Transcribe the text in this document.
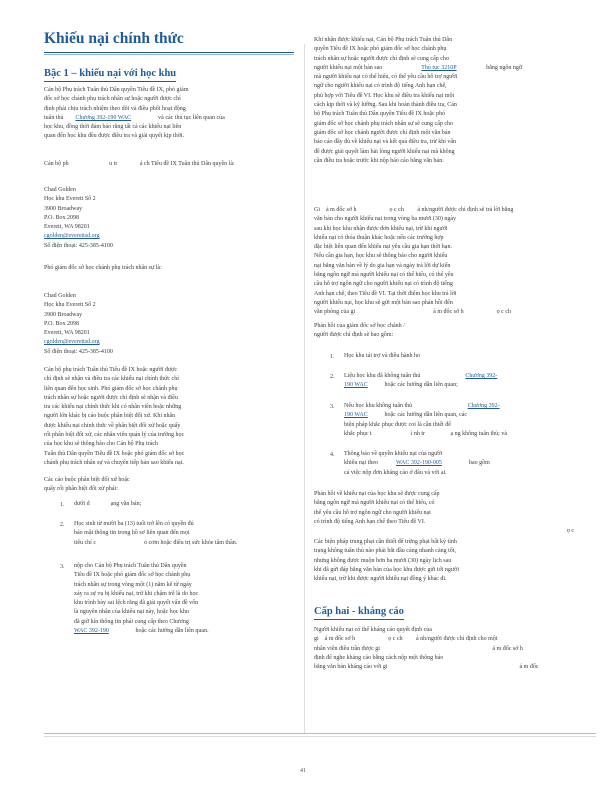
Khiếu nại chính thức
Bậc 1 – khiếu nại với học khu
Cán bộ Phụ trách Tuân thủ Dân quyền Tiêu đề IX, phó giám
đốc sở học chánh phụ trách nhân sự hoặc người được chỉ
định phải chịu trách nhiệm theo dõi và điều phối hoạt động
tuân thủ Chương 392-190 WAC	và các thủ tục liên quan của
học khu, đồng thời đảm bảo rằng tất cả các khiếu nại liên
quan đến học khu đều được điều tra và giải quyết kịp thời.
Cán bộ ph	u tr	á ch Tiêu đề IX Tuân thủ Dân quyền là:
Chad Golden
Học khu Everett Số 2
3900 Broadway
P.O. Box 2098
Everett, WA 98201
cgolden@everettsd.org
Số điện thoại: 425-385-4100
Phó giám đốc sở học chánh phụ trách nhân sự là:
Chad Golden
Học khu Everett Số 2
3900 Broadway
P.O. Box 2098
Everett, WA 98201
cgolden@everettsd.org
Số điện thoại: 425-385-4100
Cán bộ phụ trách Tuân thủ Tiêu đề IX hoặc người được
chỉ định sẽ nhận và điều tra các khiếu nại chính thức chỉ
liên quan đến học sinh. Phó giám đốc sở học chánh phụ
trách nhân sự hoặc người được chỉ định sẽ nhận và điều
tra các khiếu nại chính thức khi có nhân viên hoặc những
người lớn khác bị cáo buộc phân biệt đối xử. Khi nhân
được khiếu nại chính thức về phân biệt đối xử hoặc quấy
rối phân biệt đối xử, các nhân viên quản lý của trường học
của học khu sẽ thông báo cho Cán bộ Phụ trách
Tuân thủ Dân quyền Tiêu đề IX hoặc phó giám đốc sở học
chánh phụ trách nhân sự và chuyển tiếp bản sao khiếu nại.
Các cáo buộc phân biệt đối xử hoặc
quấy rối phân biệt đối xử phải:
1. dưới d	ạng văn bản;
2. Học sinh từ mười ba (13) tuổi trở lên có quyền đủ
báo mật thông tin trong hồ sơ liên quan đến mọi
tiêu chí c	ó cơm hoặc điều trị sức khỏe tâm thần.
3. nộp cho Cán bộ Phụ trách Tuân thủ Dân quyền
Tiêu đề IX hoặc phó giám đốc sở học chánh phụ
trách nhân sự trong vòng một (1) năm kể từ ngày
xảy ra sự vụ bị khiếu nại, trừ khi chậm trễ là do học
khu trình bày sai lệch rằng đã giải quyết vấn đề vốn
là nguyên nhân của khiếu nại này, hoặc học khu
đã giữ kín thông tin phải cung cấp theo Chương
WAC 392-190	hoặc các hướng dẫn liên quan.
Khi nhận được khiếu nại, Cán bộ Phụ trách Tuân thủ Dân
quyền Tiêu đề IX hoặc phó giám đốc sở học chánh phụ
trách nhân sự hoặc người được chỉ định sẽ cung cấp cho
người khiếu nại một bản sao	Thủ tục 3210P	bằng ngôn ngữ
mà người khiếu nại có thể hiểu, có thể yêu cầu hỗ trợ người
ngữ cho người khiếu nại có trình độ tiếng Anh hạn chế,
phù hợp với Tiêu đề VI. Học khu sẽ điều tra khiếu nại một
cách kịp thời và kỹ lưỡng. Sau khi hoàn thành điều tra, Cán
bộ Phụ trách Tuân thủ Dân quyền Tiêu đề IX hoặc phó
giám đốc sở học chánh phụ trách nhân sự sẽ cung cấp cho
giám đốc sở học chánh người được chỉ định một văn bản
báo cáo đầy đủ về khiếu nại và kết quả điều tra, trừ khi vấn
đề được giải quyết làm hài lòng người khiếu nại mà không
cần điều tra hoặc trước khi nộp báo cáo bằng văn bản.
Gi á m đốc sở h	ọ c ch á nh/người được chỉ định sẽ trả lời bằng
văn bản cho người khiếu nại trong vòng ba mươi (30) ngày
sau khi học khu nhận được đơn khiếu nại, trừ khi người
khiếu nại có thỏa thuận khác hoặc nếu các trường hợp
đặc biệt liên quan đến khiếu nại yêu cầu gia hạn thời hạn.
Nếu cần gia hạn, học khu sẽ thông báo cho người khiếu
nại bằng văn bản về lý do gia hạn và ngày trả lời dự kiến
bằng ngôn ngữ mà người khiếu nại có thể hiểu, có thể yêu
cầu hỗ trợ ngôn ngữ cho người khiếu nại có trình độ tiếng
Anh hạn chế, theo Tiêu đề VI. Tại thời điểm học khu trả lời
người khiếu nại, học khu sẽ gửi một bản sao phản hồi đến
văn phòng của gi	á m đốc sở h	ọ c ch
Phản hồi của giám đốc sở học chánh /
người được chỉ định sẽ bao gồm:
1. Học khu tái trợ và điều hành ho
2. Liệu học khu đã không tuân thủ	Chương 392-
190 WAC	hoặc các hướng dẫn liên quan;
3. Nếu học khu không tuân thủ	Chương 392-
190 WAC	hoặc các hướng dẫn liên quan, các
biện pháp khắc phục được coi là cần thiết để
khắc phục t	ì nh tr	ạ ng không tuân thủ; và
4. Thông báo về quyền khiếu nại của người
khiếu nại theo	WAC 392-190-005	bao gồm
cả việc nộp đơn kháng cáo ở đâu và với ai.
Phản hồi về khiếu nại của học khu sẽ được cung cấp
bằng ngôn ngữ mà người khiếu nại có thể hiểu, có
thể yêu cầu hỗ trợ ngôn ngữ cho người khiếu nại
có trình độ tiếng Anh hạn chế theo Tiêu đề VI.
ọ c
Các biện pháp trung phạt cần thiết để trừng phạt bất kỳ tình
trạng không tuân thủ nào phải bắt đầu càng nhanh càng tốt,
nhưng không được muộn hơn ba mươi (30) ngày lịch sau
khi đã gửi đáp bằng văn bản của học khu được gửi tới người
khiếu nại, trừ khi được người khiếu nại đồng ý khác đi.
Cấp hai - kháng cáo
Người khiếu nại có thể kháng cáo quyết định của
gi á m đốc sở h	ọ c ch á nh/người được chỉ định cho một
nhân viên điều trần được gi	á m đốc sở h
định để nghe kháng cáo bằng cách nộp một thông báo
bằng văn bản kháng cáo với gi	á m đốc
41
